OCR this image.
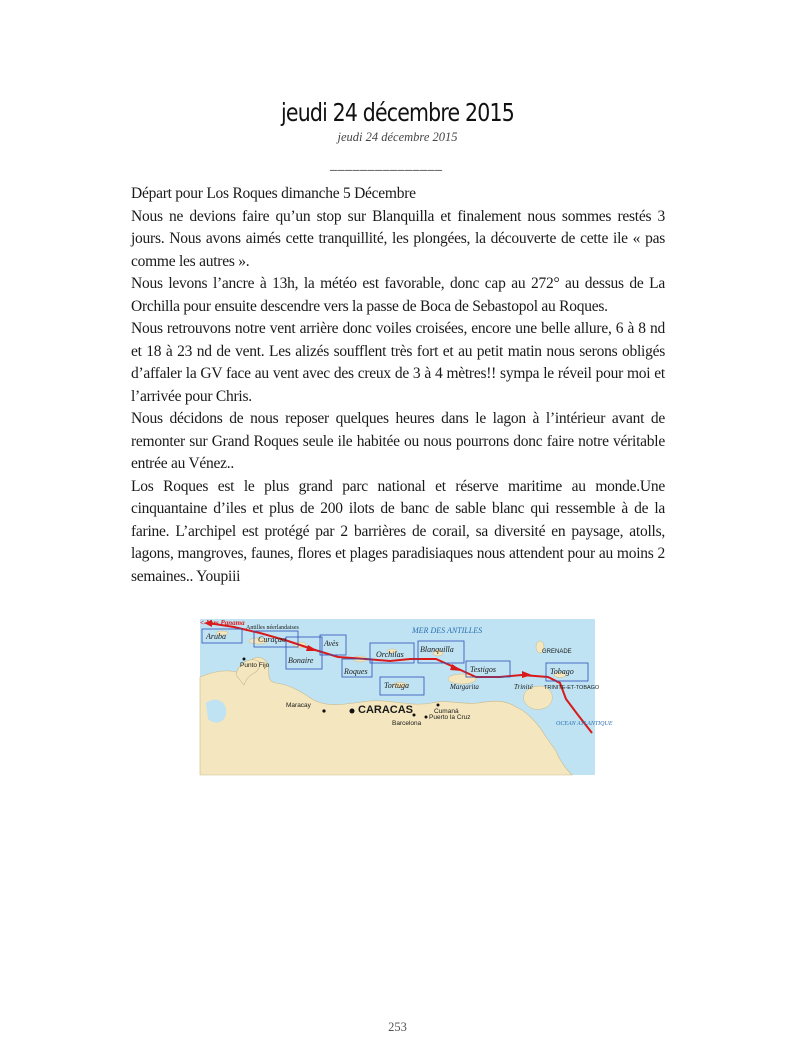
jeudi 24 décembre 2015
jeudi 24 décembre 2015
_______________

Départ pour Los Roques dimanche 5 Décembre

Nous ne devions faire qu’un stop sur Blanquilla et finalement nous sommes restés 3 jours. Nous avons aimés cette tranquillité, les plongées, la découverte de cette ile « pas comme les autres ».

Nous levons l’ancre à 13h, la météo est favorable, donc cap au 272° au dessus de La Orchilla pour ensuite descendre vers la passe de Boca de Sebastopol au Roques.

Nous retrouvons notre vent arrière donc voiles croisées, encore une belle allure, 6 à 8 nd et 18 à 23 nd de vent. Les alizés soufflent très fort et au petit matin nous serons obligés d’affaler la GV face au vent avec des creux de 3 à 4 mètres!! sympa le réveil pour moi et l’arrivée pour Chris.

Nous décidons de nous reposer quelques heures dans le lagon à l’intérieur avant de remonter sur Grand Roques seule ile habitée ou nous pourrons donc faire notre véritable entrée au Vénez..

Los Roques est le plus grand parc national et réserve maritime au monde.Une cinquantaine d’iles et plus de 200 ilots de banc de sable blanc qui ressemble à de la farine. L’archipel est protégé par 2 barrières de corail, sa diversité en paysage, atolls, lagons, mangroves, faunes, flores et plages paradisiaques nous attendent pour au moins 2 semaines.. Youpiii

<-Vers Panama
Antilles néerlandaises	MER DES ANTILLES
Aruba	Curaçao
Bonaire
Avès
Roques
Orchilas
Blanquilla
Tortuga
Testigos	Tobago
Margarita	Trinité
OCEAN ATLANTIQUE
GRENADE
TRINITE-ET-TOBAGO
Punto Fijo
Maracay	CARACAS
Barcelona
Puerto la Cruz
Cumaná
253
